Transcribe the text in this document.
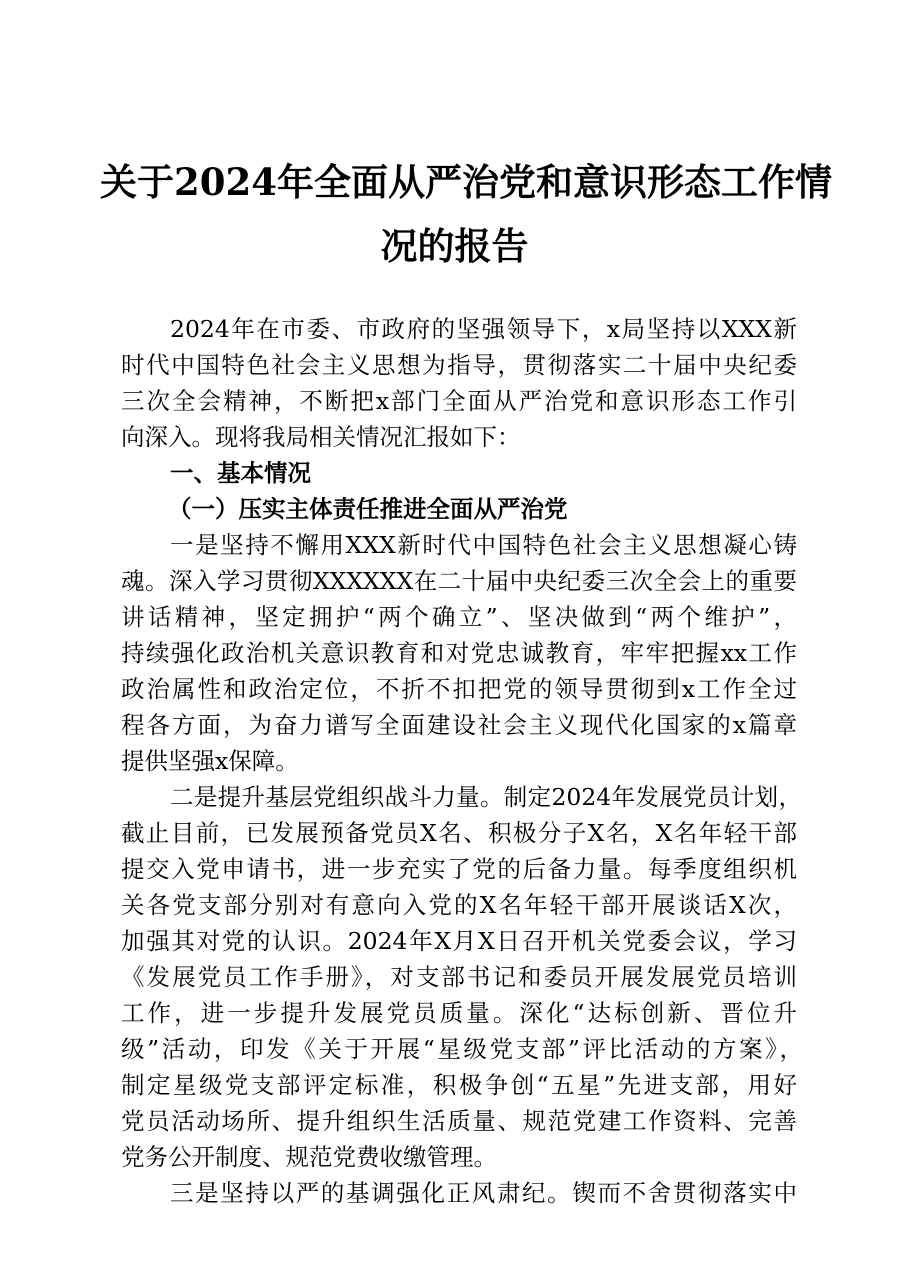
关于2024年全面从严治党和意识形态工作情
况的报告
2024年在市委、市政府的坚强领导下，x局坚持以XXX新
时代中国特色社会主义思想为指导，贯彻落实二十届中央纪委
三次全会精神，不断把x部门全面从严治党和意识形态工作引
向深入。现将我局相关情况汇报如下：
一、基本情况
（一）压实主体责任推进全面从严治党
一是坚持不懈用XXX新时代中国特色社会主义思想凝心铸
魂。深入学习贯彻XXXXXX在二十届中央纪委三次全会上的重要
讲话精神，坚定拥护“两个确立”、坚决做到“两个维护”，
持续强化政治机关意识教育和对党忠诚教育，牢牢把握xx工作
政治属性和政治定位，不折不扣把党的领导贯彻到x工作全过
程各方面，为奋力谱写全面建设社会主义现代化国家的x篇章
提供坚强x保障。
二是提升基层党组织战斗力量。制定2024年发展党员计划，
截止目前，已发展预备党员X名、积极分子X名，X名年轻干部
提交入党申请书，进一步充实了党的后备力量。每季度组织机
关各党支部分别对有意向入党的X名年轻干部开展谈话X次，
加强其对党的认识。2024年X月X日召开机关党委会议，学习
《发展党员工作手册》，对支部书记和委员开展发展党员培训
工作，进一步提升发展党员质量。深化“达标创新、晋位升
级”活动，印发《关于开展“星级党支部”评比活动的方案》，
制定星级党支部评定标准，积极争创“五星”先进支部，用好
党员活动场所、提升组织生活质量、规范党建工作资料、完善
党务公开制度、规范党费收缴管理。
三是坚持以严的基调强化正风肃纪。锲而不舍贯彻落实中
